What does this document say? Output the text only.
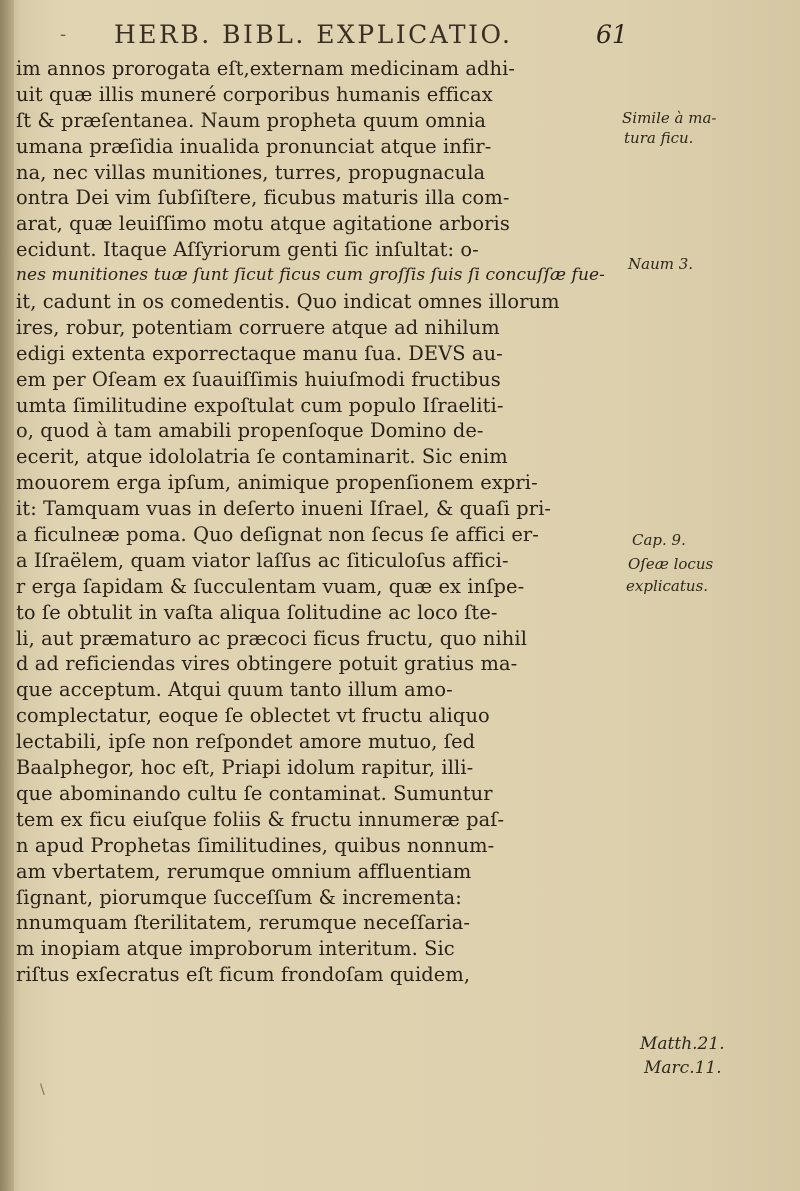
- HERB. BIBL. EXPLICATIO.	61
im annos prorogata eſt,externam medicinam adhi-
uit quæ illis muneré corporibus humanis efficax
ſt & præſentanea. Naum propheta quum omnia
umana præſidia inualida pronunciat atque infir-
na, nec villas munitiones, turres, propugnacula
ontra Dei vim ſubſiſtere, ficubus maturis illa com-
arat, quæ leuiſſimo motu atque agitatione arboris
ecidunt. Itaque Aſſyriorum genti ſic inſultat: o-
nes munitiones tuæ ſunt ſicut ficus cum groſſis ſuis ſi concuſſæ fue-
it, cadunt in os comedentis. Quo indicat omnes illorum
ires, robur, potentiam corruere atque ad nihilum
edigi extenta exporrectaque manu ſua. DEVS au-
em per Oſeam ex ſuauiſſimis huiuſmodi fructibus
umta ſimilitudine expoſtulat cum populo Iſraeliti-
o, quod à tam amabili propenſoque Domino de-
ecerit, atque idololatria ſe contaminarit. Sic enim
mouorem erga ipſum, animique propenſionem expri-
it: Tamquam vuas in deſerto inueni Iſrael, & quaſi pri-
a ficulneæ poma. Quo deſignat non ſecus ſe affici er-
a Iſraëlem, quam viator laſſus ac ſiticuloſus affici-
r erga ſapidam & ſucculentam vuam, quæ ex inſpe-
to ſe obtulit in vaſta aliqua ſolitudine ac loco ſte-
li, aut præmaturo ac præcoci ficus fructu, quo nihil
d ad reficiendas vires obtingere potuit gratius ma-
que acceptum. Atqui quum tanto illum amo-
complectatur, eoque ſe oblectet vt fructu aliquo
lectabili, ipſe non reſpondet amore mutuo, ſed
Baalphegor, hoc eſt, Priapi idolum rapitur, illi-
que abominando cultu ſe contaminat. Sumuntur
tem ex ficu eiuſque foliis & fructu innumeræ paſ-
n apud Prophetas ſimilitudines, quibus nonnum-
am vbertatem, rerumque omnium affluentiam
ſignant, piorumque ſucceſſum & incrementa:
nnumquam ſterilitatem, rerumque neceſſaria-
m inopiam atque improborum interitum. Sic
riſtus exſecratus eſt ficum frondoſam quidem,
Simile à ma-
tura ficu.
Naum 3.
Cap. 9.
Oſeæ locus
explicatus.
Matth.21.
Marc.11.
\
